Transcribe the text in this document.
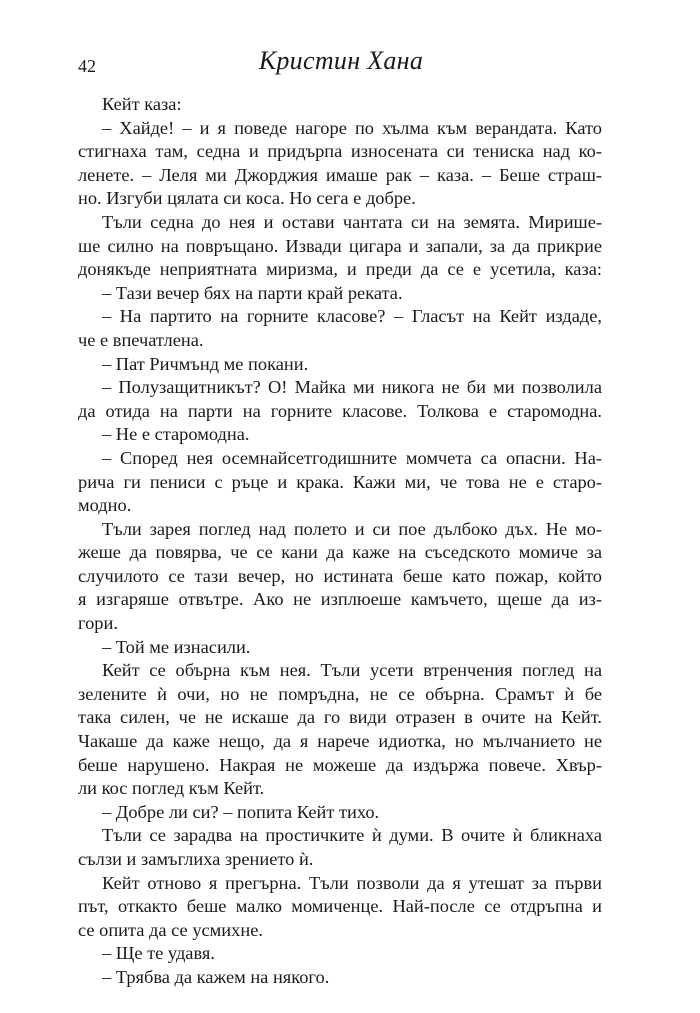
42	Кристин Хана
Кейт каза:
– Хайде! – и я поведе нагоре по хълма към верандата. Като
стигнаха там, седна и придърпа износената си тениска над ко-
ленете. – Леля ми Джорджия имаше рак – каза. – Беше страш-
но. Изгуби цялата си коса. Но сега е добре.
Тъли седна до нея и остави чантата си на земята. Мирише-
ше силно на повръщано. Извади цигара и запали, за да прикрие
донякъде неприятната миризма, и преди да се е усетила, каза:
– Тази вечер бях на парти край реката.
– На партито на горните класове? – Гласът на Кейт издаде,
че е впечатлена.
– Пат Ричмънд ме покани.
– Полузащитникът? О! Майка ми никога не би ми позволила
да отида на парти на горните класове. Толкова е старомодна.
– Не е старомодна.
– Според нея осемнайсетгодишните момчета са опасни. На-
рича ги пениси с ръце и крака. Кажи ми, че това не е старо-
модно.
Тъли зарея поглед над полето и си пое дълбоко дъх. Не мо-
жеше да повярва, че се кани да каже на съседското момиче за
случилото се тази вечер, но истината беше като пожар, който
я изгаряше отвътре. Ако не изплюеше камъчето, щеше да из-
гори.
– Той ме изнасили.
Кейт се обърна към нея. Тъли усети втренчения поглед на
зелените ѝ очи, но не помръдна, не се обърна. Срамът ѝ бе
така силен, че не искаше да го види отразен в очите на Кейт.
Чакаше да каже нещо, да я нарече идиотка, но мълчанието не
беше нарушено. Накрая не можеше да издържа повече. Хвър-
ли кос поглед към Кейт.
– Добре ли си? – попита Кейт тихо.
Тъли се зарадва на простичките ѝ думи. В очите ѝ бликнаха
сълзи и замъглиха зрението ѝ.
Кейт отново я прегърна. Тъли позволи да я утешат за първи
път, откакто беше малко момиченце. Най-после се отдръпна и
се опита да се усмихне.
– Ще те удавя.
– Трябва да кажем на някого.
